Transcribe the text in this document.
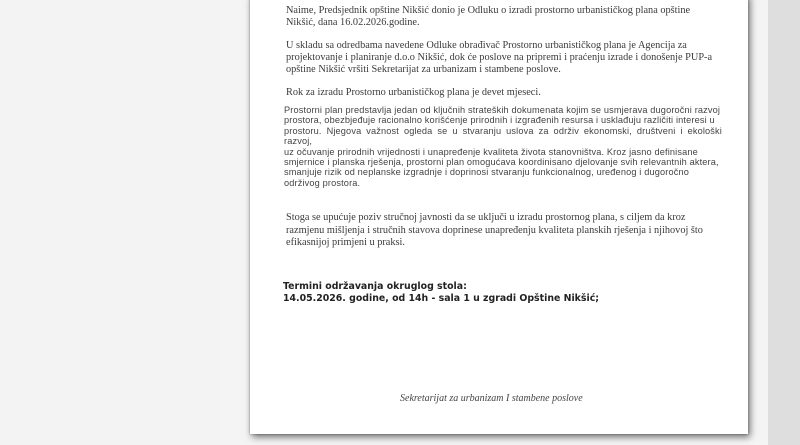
Naime, Predsjednik opštine Nikšić donio je Odluku o izradi prostorno urbanističkog plana opštine
Nikšić, dana 16.02.2026.godine.

U skladu sa odredbama navedene Odluke obrađivač Prostorno urbanističkog plana je Agencija za
projektovanje i planiranje d.o.o Nikšić, dok će poslove na pripremi i praćenju izrade i donošenje PUP-a
opštine Nikšić vršiti Sekretarijat za urbanizam i stambene poslove.

Rok za izradu Prostorno urbanističkog plana je devet mjeseci.

Prostorni plan predstavlja jedan od ključnih strateških dokumenata kojim se usmjerava dugoročni razvoj
prostora, obezbjeđuje racionalno korišćenje prirodnih i izgrađenih resursa i usklađuju različiti interesi u
prostoru. Njegova važnost ogleda se u stvaranju uslova za održiv ekonomski, društveni i ekološki razvoj,
uz očuvanje prirodnih vrijednosti i unapređenje kvaliteta života stanovništva. Kroz jasno definisane
smjernice i planska rješenja, prostorni plan omogućava koordinisano djelovanje svih relevantnih aktera,
smanjuje rizik od neplanske izgradnje i doprinosi stvaranju funkcionalnog, uređenog i dugoročno
održivog prostora.

Stoga se upućuje poziv stručnoj javnosti da se uključi u izradu prostornog plana, s ciljem da kroz
razmjenu mišljenja i stručnih stavova doprinese unapređenju kvaliteta planskih rješenja i njihovoj što
efikasnijoj primjeni u praksi.

Termini održavanja okruglog stola:
14.05.2026. godine, od 14h - sala 1 u zgradi Opštine Nikšić;
Sekretarijat za urbanizam I stambene poslove
